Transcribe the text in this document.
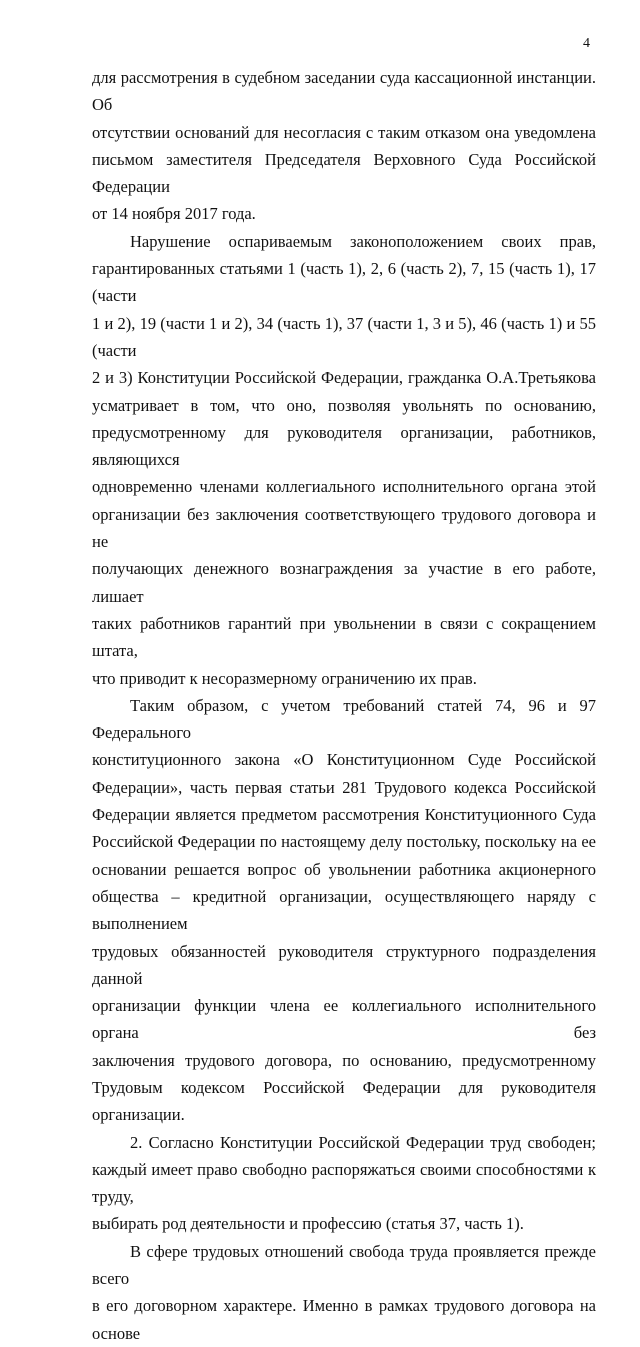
4
для рассмотрения в судебном заседании суда кассационной инстанции. Об
отсутствии оснований для несогласия с таким отказом она уведомлена
письмом заместителя Председателя Верховного Суда Российской Федерации
от 14 ноября 2017 года.
Нарушение оспариваемым законоположением своих прав,
гарантированных статьями 1 (часть 1), 2, 6 (часть 2), 7, 15 (часть 1), 17 (части
1 и 2), 19 (части 1 и 2), 34 (часть 1), 37 (части 1, 3 и 5), 46 (часть 1) и 55 (части
2 и 3) Конституции Российской Федерации, гражданка О.А.Третьякова
усматривает в том, что оно, позволяя увольнять по основанию,
предусмотренному для руководителя организации, работников, являющихся
одновременно членами коллегиального исполнительного органа этой
организации без заключения соответствующего трудового договора и не
получающих денежного вознаграждения за участие в его работе, лишает
таких работников гарантий при увольнении в связи с сокращением штата,
что приводит к несоразмерному ограничению их прав.
Таким образом, с учетом требований статей 74, 96 и 97 Федерального
конституционного закона «О Конституционном Суде Российской
Федерации», часть первая статьи 281 Трудового кодекса Российской
Федерации является предметом рассмотрения Конституционного Суда
Российской Федерации по настоящему делу постольку, поскольку на ее
основании решается вопрос об увольнении работника акционерного
общества – кредитной организации, осуществляющего наряду с выполнением
трудовых обязанностей руководителя структурного подразделения данной
организации функции члена ее коллегиального исполнительного органа без
заключения трудового договора, по основанию, предусмотренному
Трудовым кодексом Российской Федерации для руководителя организации.
2. Согласно Конституции Российской Федерации труд свободен;
каждый имеет право свободно распоряжаться своими способностями к труду,
выбирать род деятельности и профессию (статья 37, часть 1).
В сфере трудовых отношений свобода труда проявляется прежде всего
в его договорном характере. Именно в рамках трудового договора на основе
